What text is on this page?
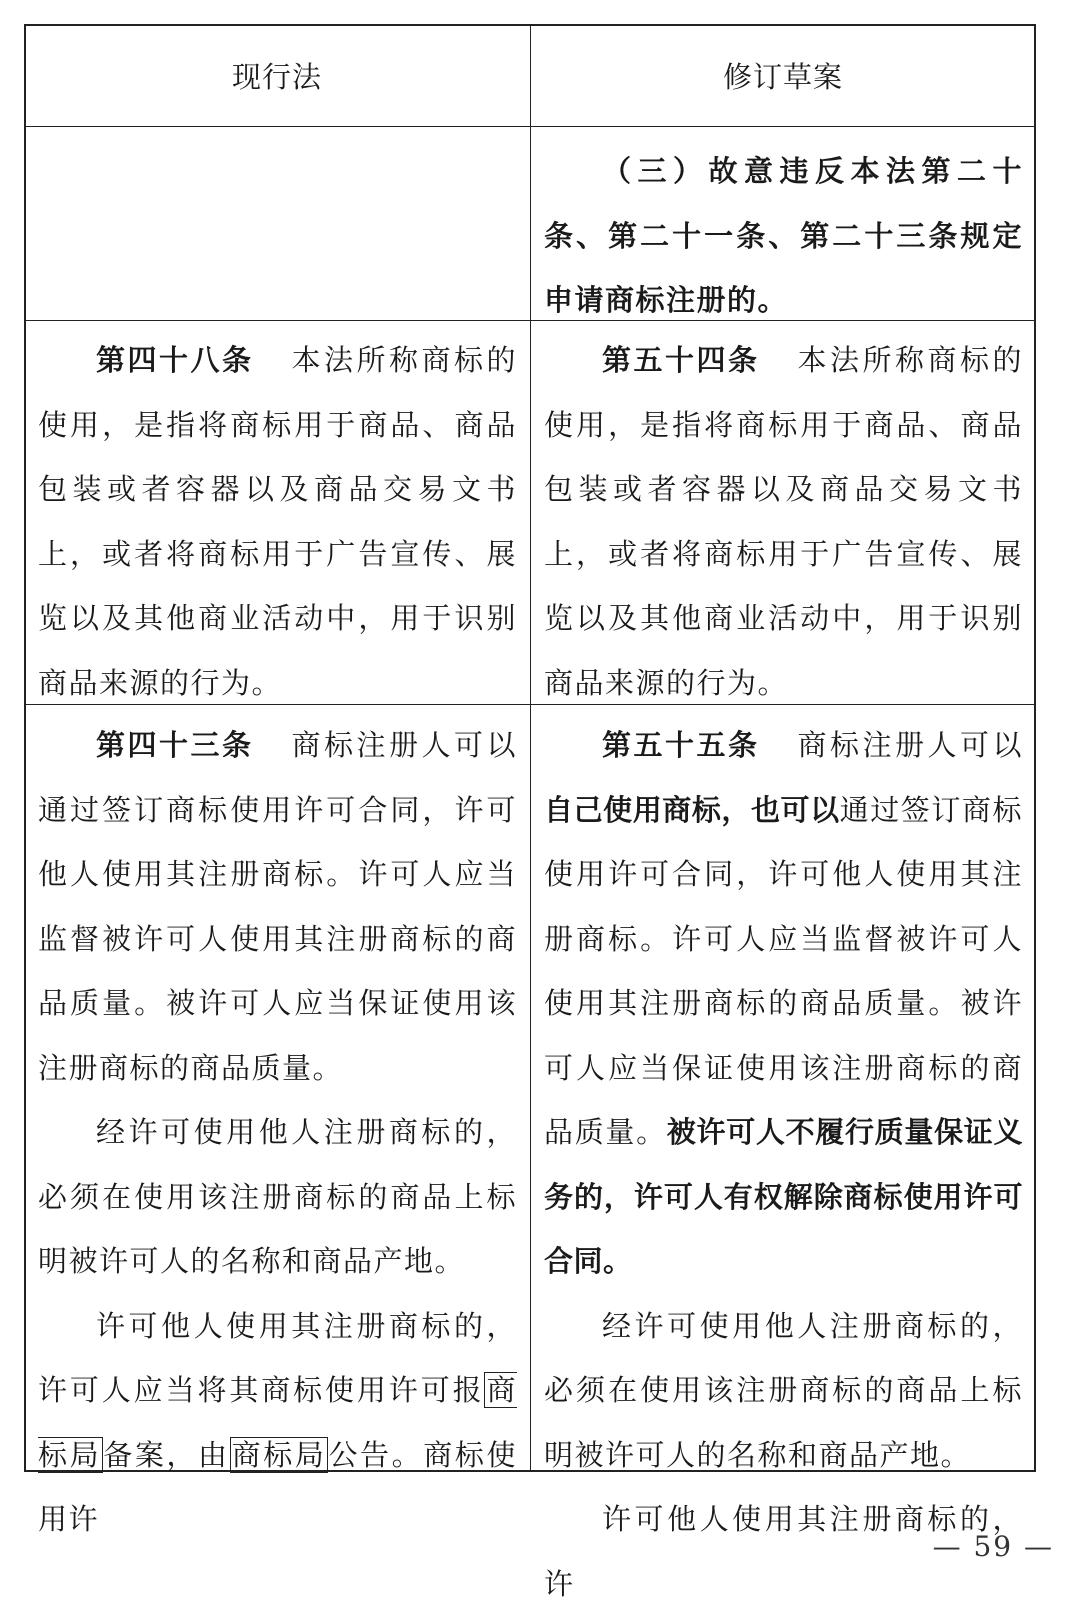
现行法	修订草案

（三）故意违反本法第二十条、第二十一条、第二十三条规定申请商标注册的。

第四十八条 本法所称商标的使用，是指将商标用于商品、商品包装或者容器以及商品交易文书上，或者将商标用于广告宣传、展览以及其他商业活动中，用于识别商品来源的行为。

第五十四条 本法所称商标的使用，是指将商标用于商品、商品包装或者容器以及商品交易文书上，或者将商标用于广告宣传、展览以及其他商业活动中，用于识别商品来源的行为。

第四十三条 商标注册人可以通过签订商标使用许可合同，许可他人使用其注册商标。许可人应当监督被许可人使用其注册商标的商品质量。被许可人应当保证使用该注册商标的商品质量。

经许可使用他人注册商标的，必须在使用该注册商标的商品上标明被许可人的名称和商品产地。

许可他人使用其注册商标的，许可人应当将其商标使用许可报商标局备案，由商标局公告。商标使用许

第五十五条 商标注册人可以自己使用商标，也可以通过签订商标使用许可合同，许可他人使用其注册商标。许可人应当监督被许可人使用其注册商标的商品质量。被许可人应当保证使用该注册商标的商品质量。被许可人不履行质量保证义务的，许可人有权解除商标使用许可合同。

经许可使用他人注册商标的，必须在使用该注册商标的商品上标明被许可人的名称和商品产地。

许可他人使用其注册商标的，许

— 59 —
